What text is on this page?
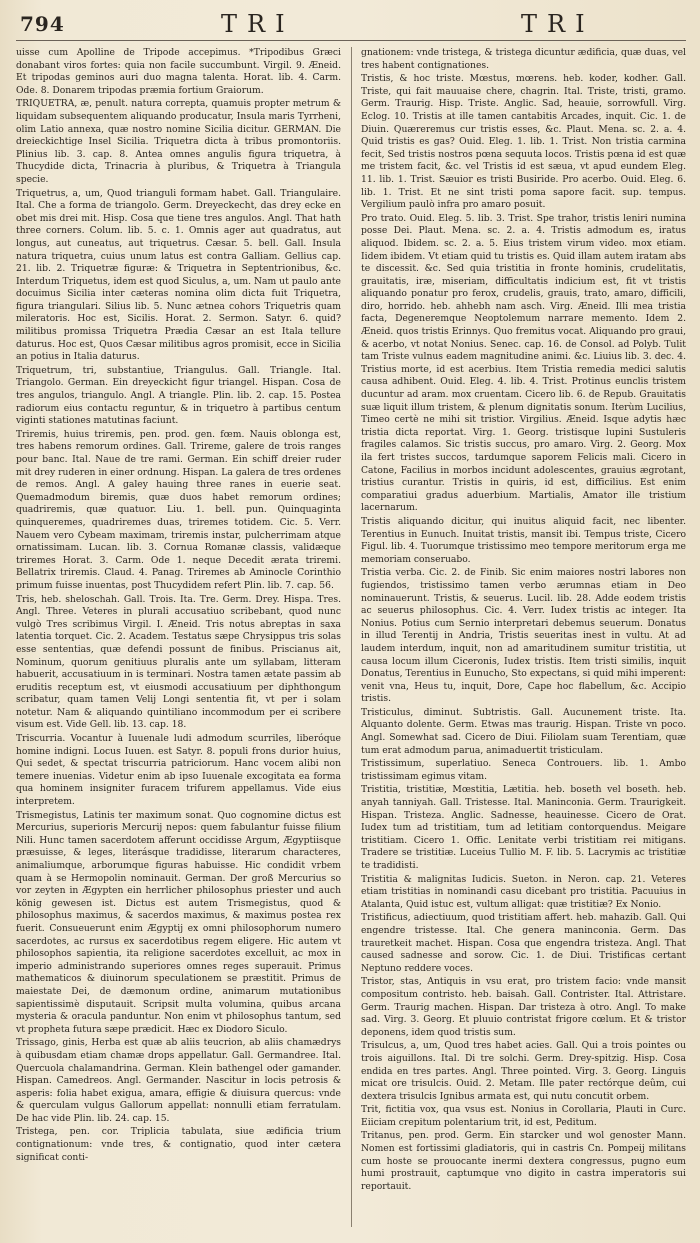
794	TRI	TRI

uisse cum Apolline de Tripode accepimus. *Tripodibus Græci donabant viros fortes: quia non facile succumbunt. Virgil. 9. Æneid. Et tripodas geminos auri duo magna talenta. Horat. lib. 4. Carm. Ode. 8. Donarem tripodas præmia fortium Graiorum.

TRIQUETRA, æ, penult. natura correpta, quamuis propter metrum & liquidam subsequentem aliquando producatur, Insula maris Tyrrheni, olim Latio annexa, quæ nostro nomine Sicilia dicitur. GERMAN. Die dreieckichtige Insel Sicilia. Triquetra dicta à tribus promontoriis. Plinius lib. 3. cap. 8. Antea omnes angulis figura triquetra, à Thucydide dicta, Trinacria à pluribus, & Triquetra à Triangula specie.

Triquetrus, a, um, Quod trianguli formam habet. Gall. Triangulaire. Ital. Che a forma de triangolo. Germ. Dreyeckecht, das drey ecke en obet mis drei mit. Hisp. Cosa que tiene tres angulos. Angl. That hath three corners. Colum. lib. 5. c. 1. Omnis ager aut quadratus, aut longus, aut cuneatus, aut triquetrus. Cæsar. 5. bell. Gall. Insula natura triquetra, cuius unum latus est contra Galliam. Gellius cap. 21. lib. 2. Triquetræ figuræ: & Triquetra in Septentrionibus, &c. Interdum Triquetus, idem est quod Siculus, a, um. Nam ut paulo ante docuimus Sicilia inter cæteras nomina olim dicta fuit Triquetra, figura triangulari. Silius lib. 5. Nunc ætnea cohors Triquetris quam mileratoris. Hoc est, Sicilis. Horat. 2. Sermon. Satyr. 6. quid? militibus promissa Triquetra Prædia Cæsar an est Itala tellure daturus. Hoc est, Quos Cæsar militibus agros promisit, ecce in Sicilia an potius in Italia daturus.

Triquetrum, tri, substantiue, Triangulus. Gall. Triangle. Ital. Triangolo. German. Ein dreyeckicht figur triangel. Hispan. Cosa de tres angulos, triangulo. Angl. A triangle. Plin. lib. 2. cap. 15. Postea radiorum eius contactu reguntur, & in triquetro à partibus centum viginti stationes matutinas faciunt.

Triremis, huius triremis, pen. prod. gen. fœm. Nauis oblonga est, tres habens remorum ordines. Gall. Trireme, galere de trois ranges pour banc. Ital. Naue de tre rami. German. Ein schiff dreier ruder mit drey ruderen in einer ordnung. Hispan. La galera de tres ordenes de remos. Angl. A galey hauing three ranes in euerie seat. Quemadmodum biremis, quæ duos habet remorum ordines; quadriremis, quæ quatuor. Liu. 1. bell. pun. Quinquaginta quinqueremes, quadriremes duas, triremes totidem. Cic. 5. Verr. Nauem vero Cybeam maximam, triremis instar, pulcherrimam atque ornatissimam. Lucan. lib. 3. Cornua Romanæ classis, validæque triremes Horat. 3. Carm. Ode 1. neque Decedit ærata triremi. Bellatrix triremis. Claud. 4. Panag. Triremes ab Aminocle Corinthio primum fuisse inuentas, post Thucydidem refert Plin. lib. 7. cap. 56.

Tris, heb. sheloschah. Gall. Trois. Ita. Tre. Germ. Drey. Hispa. Tres. Angl. Three. Veteres in plurali accusatiuo scribebant, quod nunc vulgò Tres scribimus Virgil. I. Æneid. Tris notus abreptas in saxa latentia torquet. Cic. 2. Academ. Testatus sæpe Chrysippus tris solas esse sententias, quæ defendi possunt de finibus. Priscianus ait, Nominum, quorum genitiuus pluralis ante um syllabam, litteram habuerit, accusatiuum in is terminari. Nostra tamen ætate passim ab eruditis receptum est, vt eiusmodi accusatiuum per diphthongum scribatur, quam tamen Velij Longi sententia fit, vt per i solam notetur. Nam & aliquando quintiliano incommodum per ei scribere visum est. Vide Gell. lib. 13. cap. 18.

Triscurria. Vocantur à Iuuenale ludi admodum scurriles, liberóque homine indigni. Locus Iuuen. est Satyr. 8. populi frons durior huius, Qui sedet, & spectat triscurria patriciorum. Hanc vocem alibi non temere inuenias. Videtur enim ab ipso Iuuenale excogitata ea forma qua hominem insigniter furacem trifurem appellamus. Vide eius interpretem.

Trismegistus, Latinis ter maximum sonat. Quo cognomine dictus est Mercurius, superioris Mercurij nepos: quem fabulantur fuisse filium Nili. Hunc tamen sacerdotem afferunt occidisse Argum, Ægyptiisque præsuisse, & leges, literásque tradidisse, literarum characteres, animaliumque, arborumque figuras habuisse. Hic condidit vrbem quam à se Hermopolin nominauit. German. Der groß Mercurius so vor zeyten in Ægypten ein herrlicher philosophus priester und auch könig gewesen ist. Dictus est autem Trismegistus, quod & philosophus maximus, & sacerdos maximus, & maximus postea rex fuerit. Consueuerunt enim Ægyptij ex omni philosophorum numero sacerdotes, ac rursus ex sacerdotibus regem eligere. Hic autem vt philosophos sapientia, ita religione sacerdotes excelluit, ac mox in imperio administrando superiores omnes reges superauit. Primus mathematicos & diuinorum speculationem se præstitit. Primus de maiestate Dei, de dæmonum ordine, animarum mutationibus sapientissimè disputauit. Scripsit multa volumina, quibus arcana mysteria & oracula panduntur. Non enim vt philosophus tantum, sed vt propheta futura sæpe prædicit. Hæc ex Diodoro Siculo.

Trissago, ginis, Herba est quæ ab aliis teucrion, ab aliis chamædrys à quibusdam etiam chamæ drops appellatur. Gall. Germandree. Ital. Quercuola chalamandrina. German. Klein bathengel oder gamander. Hispan. Camedreos. Angl. Germander. Nascitur in locis petrosis & asperis: folia habet exigua, amara, effigie & diuisura quercus: vnde & querculam vulgus Gallorum appellat: nonnulli etiam ferratulam. De hac vide Plin. lib. 24. cap. 15.

Tristega, pen. cor. Triplicia tabulata, siue ædificia trium contignationum: vnde tres, & contignatio, quod inter cætera significat conti-

gnationem: vnde tristega, & tristega dicuntur ædificia, quæ duas, vel tres habent contignationes.

Tristis, & hoc triste. Mœstus, mœrens. heb. koder, kodher. Gall. Triste, qui fait mauuaise chere, chagrin. Ital. Triste, tristi, gramo. Germ. Traurig. Hisp. Triste. Anglic. Sad, heauie, sorrowfull. Virg. Eclog. 10. Tristis at ille tamen cantabitis Arcades, inquit. Cic. 1. de Diuin. Quæreremus cur tristis esses, &c. Plaut. Mena. sc. 2. a. 4. Quid tristis es gas? Ouid. Eleg. 1. lib. 1. Trist. Non tristia carmina fecit, Sed tristis nostros pœna sequuta locos. Tristis pœna id est quæ me tristem facit, &c. vel Tristis id est sæua, vt apud eundem Eleg. 11. lib. 1. Trist. Sæuior es tristi Busiride. Pro acerbo. Ouid. Eleg. 6. lib. 1. Trist. Et ne sint tristi poma sapore facit. sup. tempus. Vergilium paulò infra pro amaro posuit.

Pro trato. Ouid. Eleg. 5. lib. 3. Trist. Spe trahor, tristis leniri numina posse Dei. Plaut. Mena. sc. 2. a. 4. Tristis admodum es, iratus aliquod. Ibidem. sc. 2. a. 5. Eius tristem virum video. mox etiam. Iidem ibidem. Vt etiam quid tu tristis es. Quid illam autem iratam abs te discessit. &c. Sed quia tristitia in fronte hominis, crudelitatis, grauitatis, iræ, miseriam, difficultatis indicium est, fit vt tristis aliquando ponatur pro ferox, crudelis, grauis, trato, amaro, difficili, diro, horrido. heb. ahhebh nam asch. Virg. Æneid. Illi mea tristia facta, Degeneremque Neoptolemum narrare memento. Idem 2. Æneid. quos tristis Erinnys. Quo fremitus vocat. Aliquando pro graui, & acerbo, vt notat Nonius. Senec. cap. 16. de Consol. ad Polyb. Tulit tam Triste vulnus eadem magnitudine animi. &c. Liuius lib. 3. dec. 4. Tristius morte, id est acerbius. Item Tristia remedia medici salutis causa adhibent. Ouid. Eleg. 4. lib. 4. Trist. Protinus eunclis tristem ducuntur ad aram. mox cruentam. Cicero lib. 6. de Repub. Grauitatis suæ liquit illum tristem, & plenum dignitatis sonum. Iterùm Lucilius, Timeo certè ne mihi sit tristior. Virgilius. Æneid. Isque adytis hæc tristia dicta reportat. Virg. 1. Georg. tristisque lupini Sustuleris fragiles calamos. Sic tristis succus, pro amaro. Virg. 2. Georg. Mox ila fert tristes succos, tardumque saporem Felicis mali. Cicero in Catone, Facilius in morbos incidunt adolescentes, grauius ægrotant, tristius curantur. Tristis in quiris, id est, difficilius. Est enim comparatiui gradus aduerbium. Martialis, Amator ille tristium lacernarum.

Tristis aliquando dicitur, qui inuitus aliquid facit, nec libenter. Terentius in Eunuch. Inuitat tristis, mansit ibi. Tempus triste, Cicero Figul. lib. 4. Tuorumque tristissimo meo tempore meritorum erga me memoriam conseruabo.

Tristia verba. Cic. 2. de Finib. Sic enim maiores nostri labores non fugiendos, tristissimo tamen verbo ærumnas etiam in Deo nominauerunt. Tristis, & seuerus. Lucil. lib. 28. Adde eodem tristis ac seuerus philosophus. Cic. 4. Verr. Iudex tristis ac integer. Ita Nonius. Potius cum Sernio interpretari debemus seuerum. Donatus in illud Terentij in Andria, Tristis seueritas inest in vultu. At ad laudem interdum, inquit, non ad amaritudinem sumitur tristitia, ut causa locum illum Ciceronis, Iudex tristis. Item tristi similis, inquit Donatus, Terentius in Eunucho, Sto expectans, si quid mihi imperent: venit vna, Heus tu, inquit, Dore, Cape hoc flabellum, &c. Accipio tristis.

Tristiculus, diminut. Subtristis. Gall. Aucunement triste. Ita. Alquanto dolente. Germ. Etwas mas traurig. Hispan. Triste vn poco. Angl. Somewhat sad. Cicero de Diui. Filiolam suam Terentiam, quæ tum erat admodum parua, animaduertit tristiculam.

Tristissimum, superlatiuo. Seneca Controuers. lib. 1. Ambo tristissimam egimus vitam.

Tristitia, tristitiæ, Mœstitia, Lætitia. heb. boseth vel boseth. heb. anyah tanniyah. Gall. Tristesse. Ital. Maninconia. Germ. Traurigkeit. Hispan. Tristeza. Anglic. Sadnesse, heauinesse. Cicero de Orat. Iudex tum ad tristitiam, tum ad letitiam contorquendus. Meigare tristitiam. Cicero 1. Offic. Lenitate verbi tristitiam rei mitigans. Tradere se tristitiæ. Luceius Tullio M. F. lib. 5. Lacrymis ac tristitiæ te tradidisti.

Tristitia & malignitas Iudicis. Sueton. in Neron. cap. 21. Veteres etiam tristitias in nominandi casu dicebant pro tristitia. Pacuuius in Atalanta, Quid istuc est, vultum alligat: quæ tristitiæ? Ex Nonio.

Tristificus, adiectiuum, quod tristitiam affert. heb. mahazib. Gall. Qui engendre tristesse. Ital. Che genera maninconia. Germ. Das trauretkeit machet. Hispan. Cosa que engendra tristeza. Angl. That caused sadnesse and sorow. Cic. 1. de Diui. Tristificas certant Neptuno reddere voces.

Tristor, stas, Antiquis in vsu erat, pro tristem facio: vnde mansit compositum contristo. heb. baisah. Gall. Contrister. Ital. Attristare. Germ. Traurig machen. Hispan. Dar tristeza à otro. Angl. To make sad. Virg. 3. Georg. Et pluuio contristat frigore cœlum. Et & tristor deponens, idem quod tristis sum.

Trisulcus, a, um, Quod tres habet acies. Gall. Qui a trois pointes ou trois aiguillons. Ital. Di tre solchi. Germ. Drey-spitzig. Hisp. Cosa endida en tres partes. Angl. Three pointed. Virg. 3. Georg. Linguis micat ore trisulcis. Ouid. 2. Metam. Ille pater rectórque deûm, cui dextera trisulcis Ignibus armata est, qui nutu concutit orbem.

Trit, fictitia vox, qua vsus est. Nonius in Corollaria, Plauti in Curc. Eiiciam crepitum polentarium trit, id est, Peditum.

Tritanus, pen. prod. Germ. Ein starcker und wol genoster Mann. Nomen est fortissimi gladiatoris, qui in castris Cn. Pompeij militans cum hoste se prouocante inermi dextera congressus, pugno eum humi prostrauit, captumque vno digito in castra imperatoris sui reportauit.
